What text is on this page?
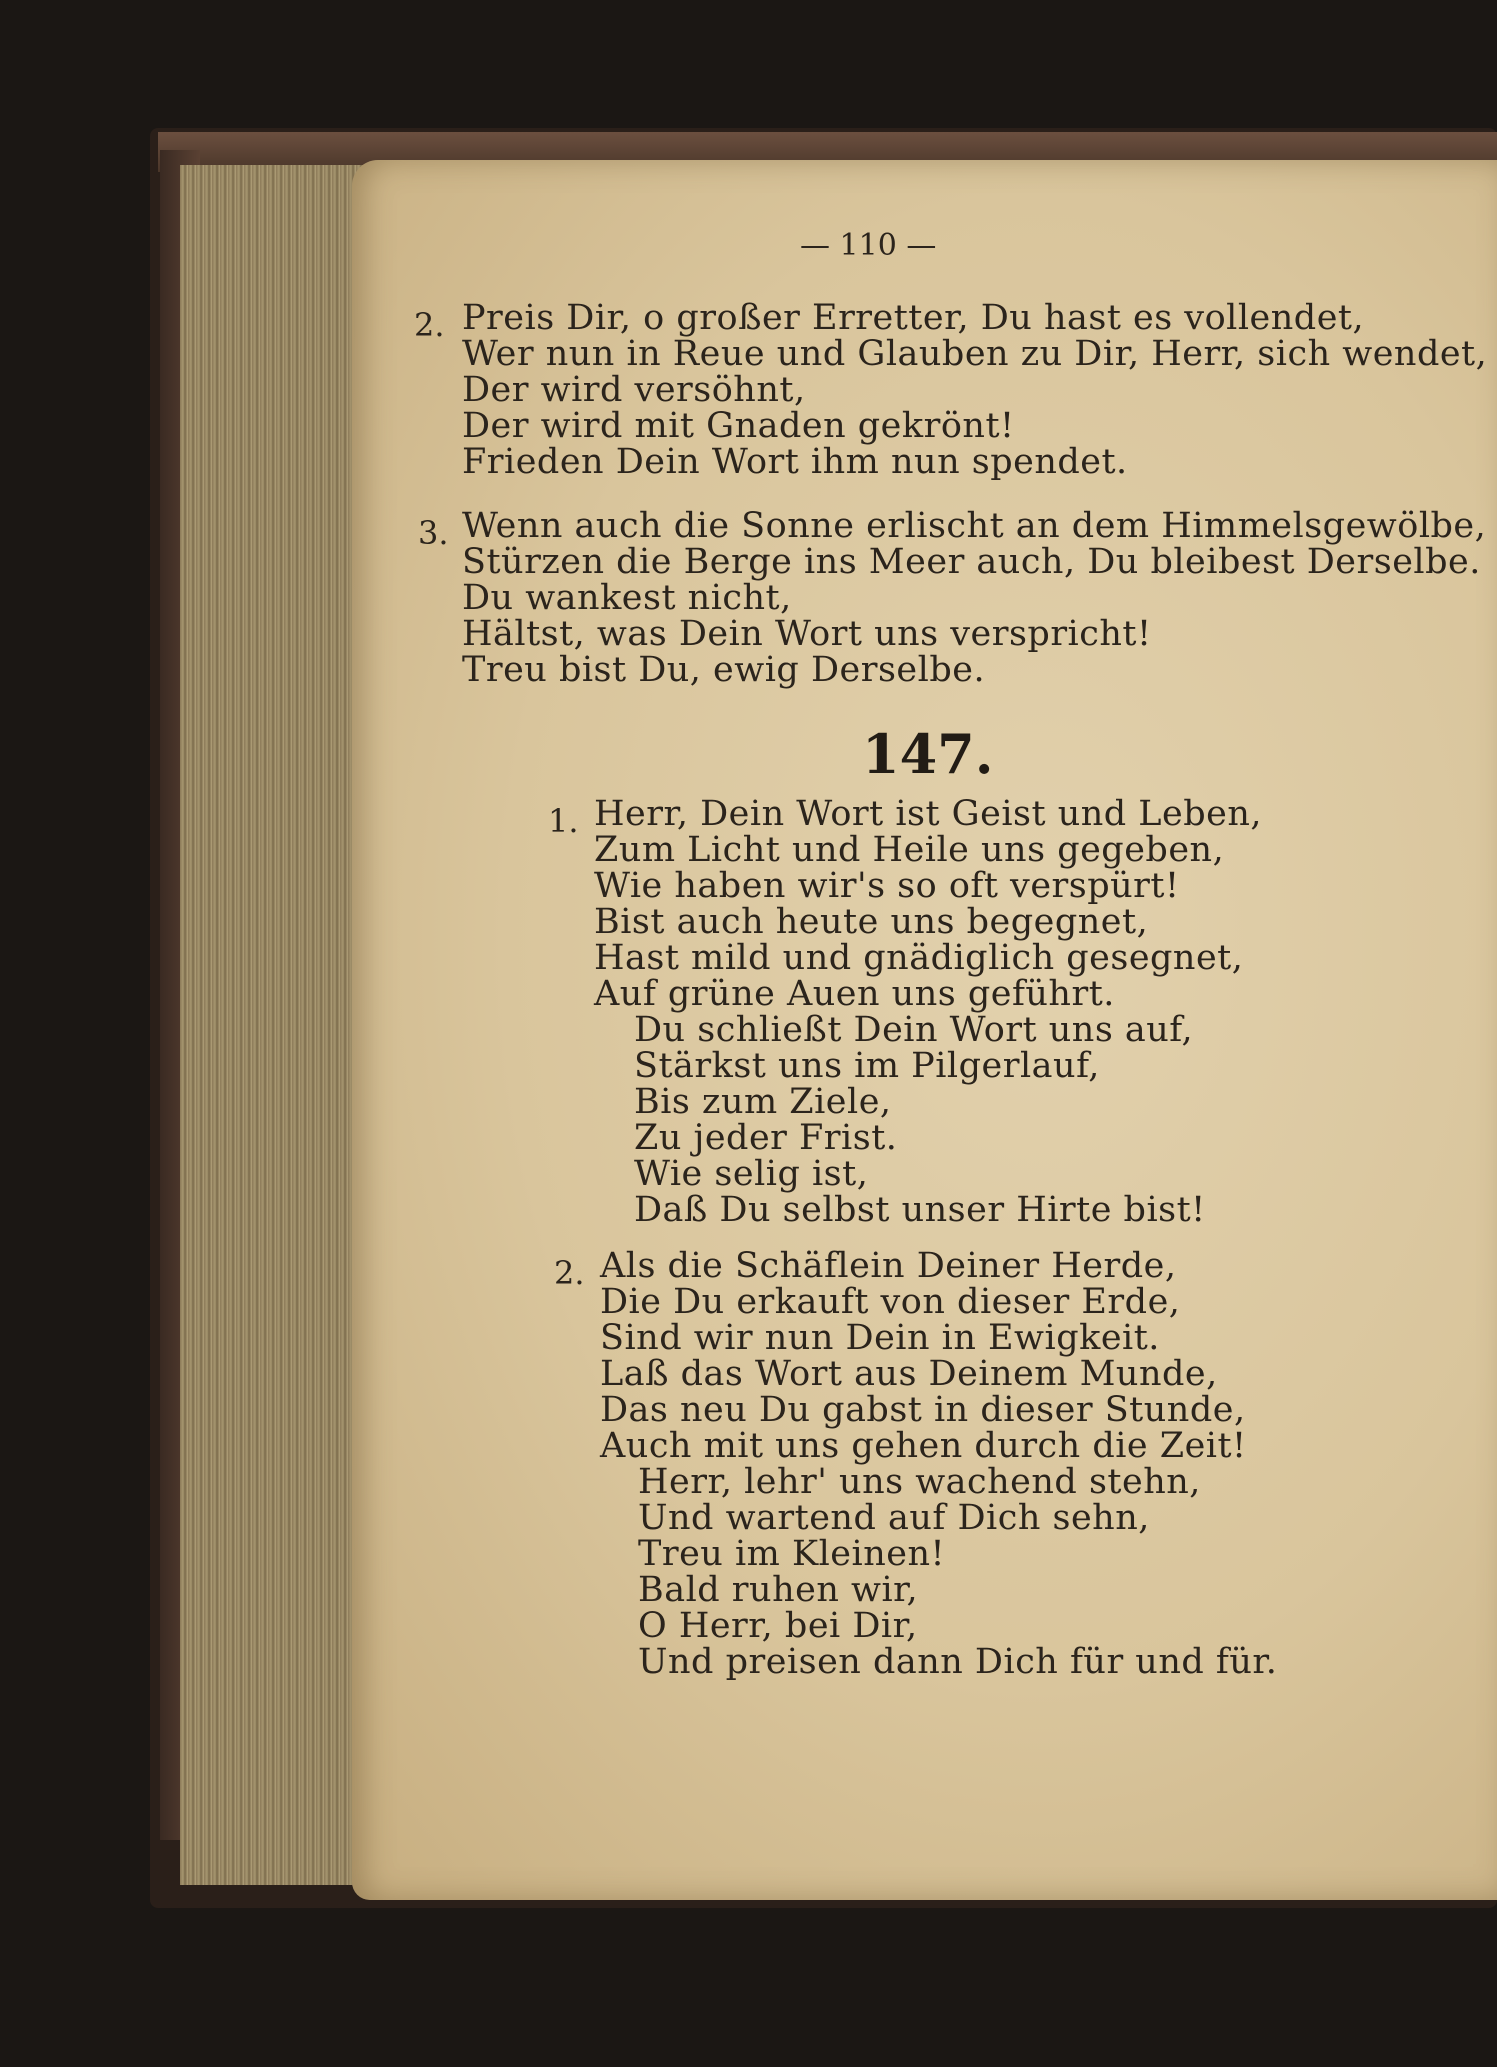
— 110 —
2. Preis Dir, o großer Erretter, Du hast es vollendet,
Wer nun in Reue und Glauben zu Dir, Herr, sich wendet,
Der wird versöhnt,
Der wird mit Gnaden gekrönt!
Frieden Dein Wort ihm nun spendet.
3. Wenn auch die Sonne erlischt an dem Himmelsgewölbe,
Stürzen die Berge ins Meer auch, Du bleibest Derselbe.
Du wankest nicht,
Hältst, was Dein Wort uns verspricht!
Treu bist Du, ewig Derselbe.
147.
1. Herr, Dein Wort ist Geist und Leben,
Zum Licht und Heile uns gegeben,
Wie haben wir's so oft verspürt!
Bist auch heute uns begegnet,
Hast mild und gnädiglich gesegnet,
Auf grüne Auen uns geführt.
Du schließt Dein Wort uns auf,
Stärkst uns im Pilgerlauf,
Bis zum Ziele,
Zu jeder Frist.
Wie selig ist,
Daß Du selbst unser Hirte bist!
2. Als die Schäflein Deiner Herde,
Die Du erkauft von dieser Erde,
Sind wir nun Dein in Ewigkeit.
Laß das Wort aus Deinem Munde,
Das neu Du gabst in dieser Stunde,
Auch mit uns gehen durch die Zeit!
Herr, lehr' uns wachend stehn,
Und wartend auf Dich sehn,
Treu im Kleinen!
Bald ruhen wir,
O Herr, bei Dir,
Und preisen dann Dich für und für.
